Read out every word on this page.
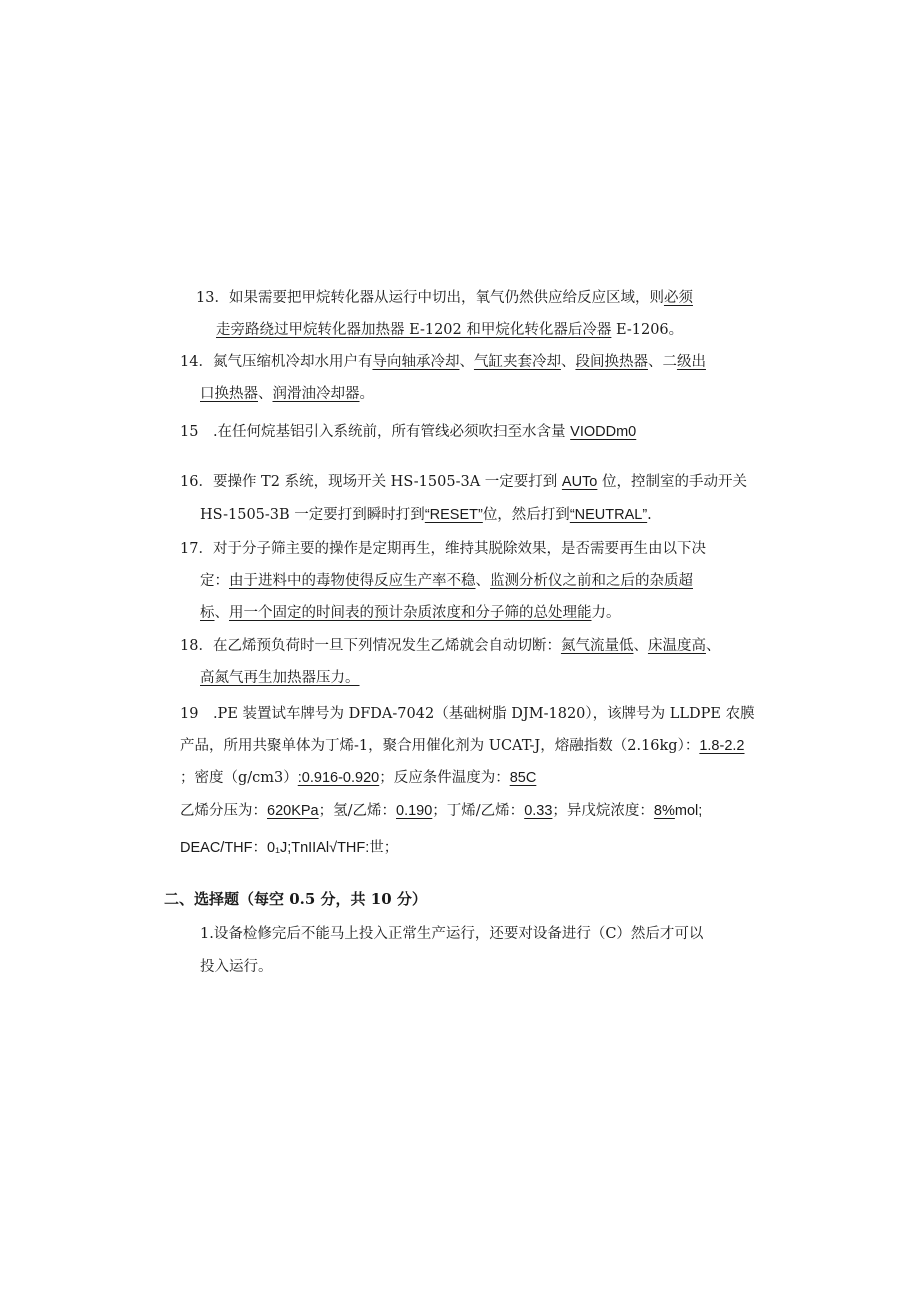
13．如果需要把甲烷转化器从运行中切出，氧气仍然供应给反应区域，则必须
走旁路绕过甲烷转化器加热器 E-1202 和甲烷化转化器后冷器 E-1206。
14．氮气压缩机冷却水用户有导向轴承冷却、气缸夹套冷却、段间换热器、二级出
口换热器、润滑油冷却器。
15　.在任何烷基铝引入系统前，所有管线必须吹扫至水含量 VIODDm0
16．要操作 T2 系统，现场开关 HS-1505-3A 一定要打到 AUTo 位，控制室的手动开关
HS-1505-3B 一定要打到瞬时打到“RESET”位，然后打到“NEUTRAL”.
17．对于分子筛主要的操作是定期再生，维持其脱除效果，是否需要再生由以下决
定：由于进料中的毒物使得反应生产率不稳、监测分析仪之前和之后的杂质超
标、用一个固定的时间表的预计杂质浓度和分子筛的总处理能力。
18．在乙烯预负荷时一旦下列情况发生乙烯就会自动切断：氮气流量低、床温度高、
高氮气再生加热器压力。
19　.PE 装置试车牌号为 DFDA-7042（基础树脂 DJM-1820），该牌号为 LLDPE 农膜
产品，所用共聚单体为丁烯-1，聚合用催化剂为 UCAT-J，熔融指数（2.16kg）：1.8-2.2
；密度（g/cm3）:0.916-0.920；反应条件温度为：85C
乙烯分压为：620KPa；氢/乙烯：0.190；丁烯/乙烯：0.33；异戊烷浓度：8%mol;
DEAC/THF：0₁J;TnIIAl√THF:世；
二、选择题（每空 0.5 分，共 10 分）
1.设备检修完后不能马上投入正常生产运行，还要对设备进行（C）然后才可以
投入运行。
